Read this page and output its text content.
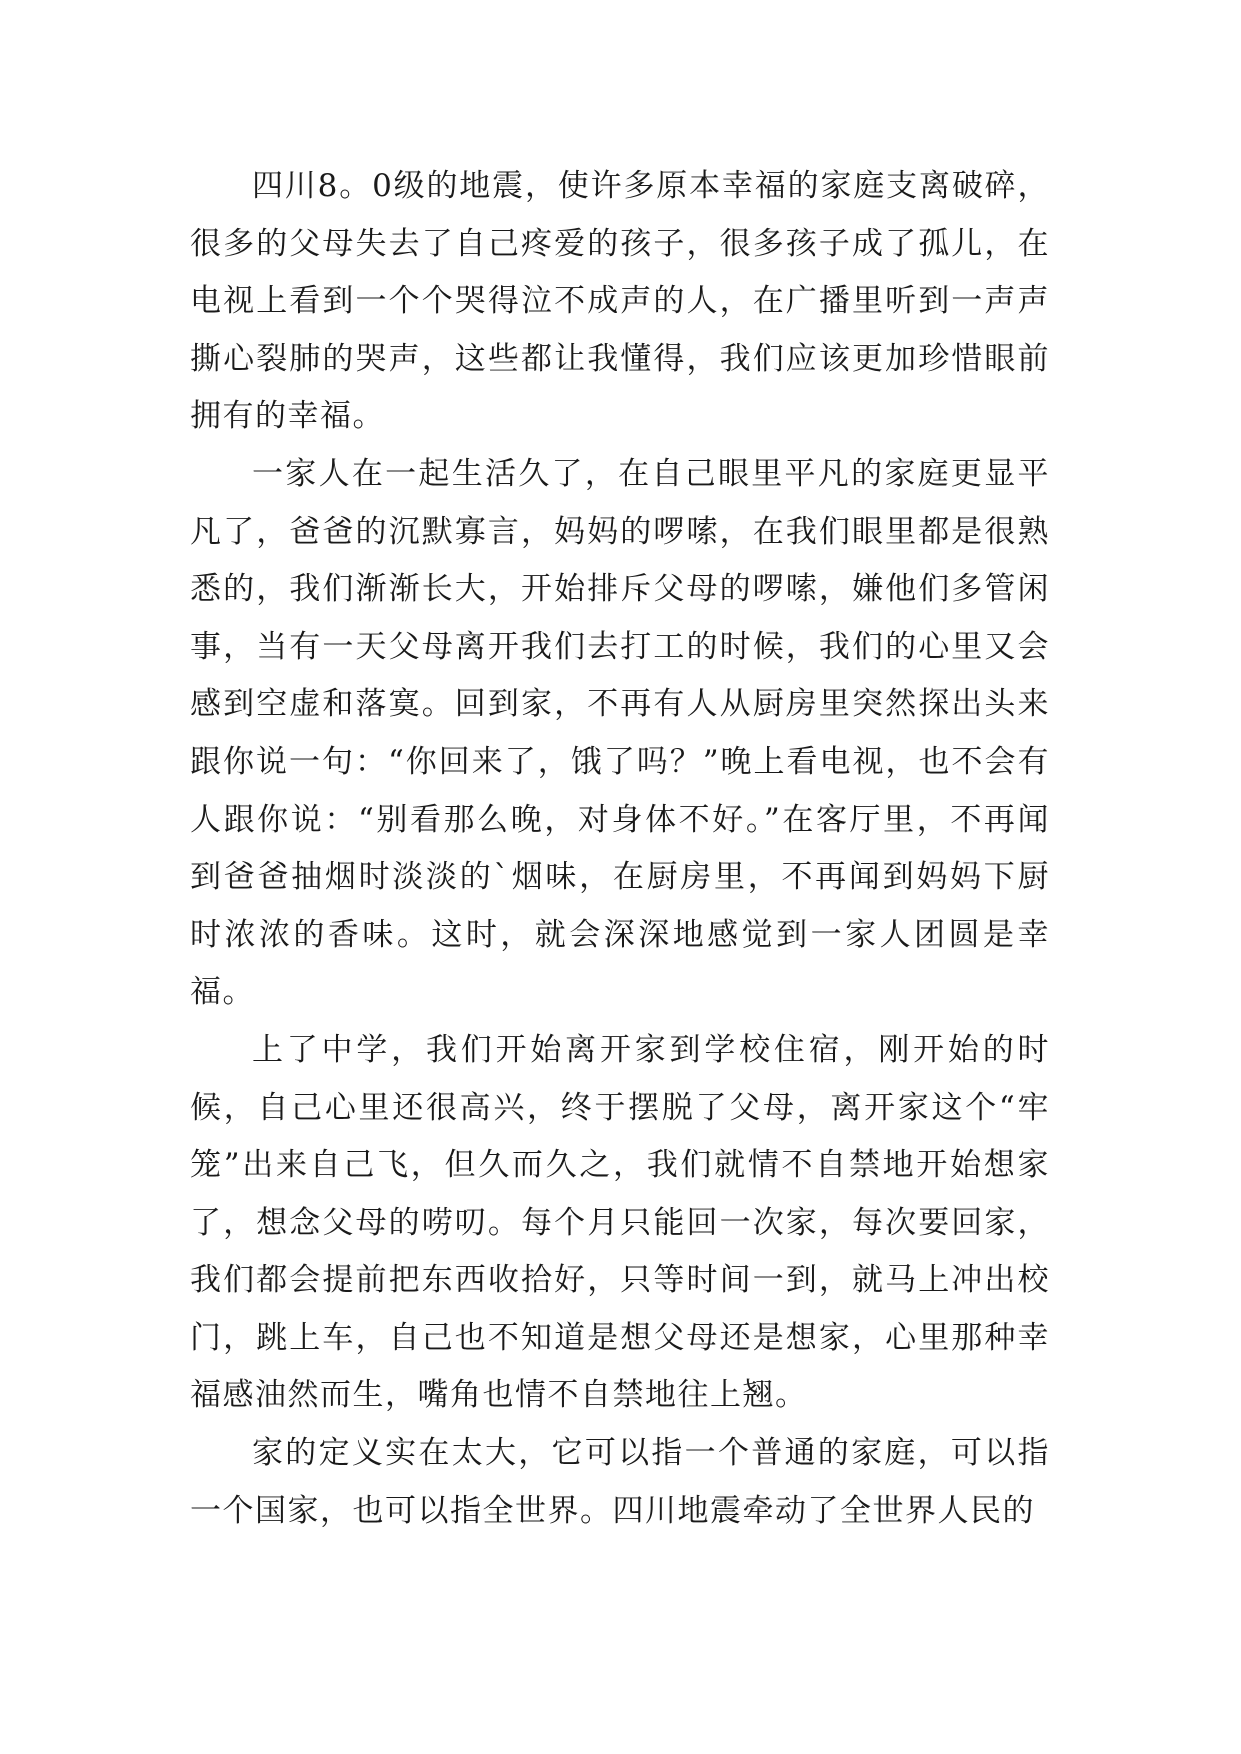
四川8。0级的地震，使许多原本幸福的家庭支离破碎，很多的父母失去了自己疼爱的孩子，很多孩子成了孤儿，在电视上看到一个个哭得泣不成声的人，在广播里听到一声声撕心裂肺的哭声，这些都让我懂得，我们应该更加珍惜眼前拥有的幸福。

一家人在一起生活久了，在自己眼里平凡的家庭更显平凡了，爸爸的沉默寡言，妈妈的啰嗦，在我们眼里都是很熟悉的，我们渐渐长大，开始排斥父母的啰嗦，嫌他们多管闲事，当有一天父母离开我们去打工的时候，我们的心里又会感到空虚和落寞。回到家，不再有人从厨房里突然探出头来跟你说一句：“你回来了，饿了吗？”晚上看电视，也不会有人跟你说：“别看那么晚，对身体不好。”在客厅里，不再闻到爸爸抽烟时淡淡的`烟味，在厨房里，不再闻到妈妈下厨时浓浓的香味。这时，就会深深地感觉到一家人团圆是幸福。

上了中学，我们开始离开家到学校住宿，刚开始的时候，自己心里还很高兴，终于摆脱了父母，离开家这个“牢笼”出来自己飞，但久而久之，我们就情不自禁地开始想家了，想念父母的唠叨。每个月只能回一次家，每次要回家，我们都会提前把东西收拾好，只等时间一到，就马上冲出校门，跳上车，自己也不知道是想父母还是想家，心里那种幸福感油然而生，嘴角也情不自禁地往上翘。

家的定义实在太大，它可以指一个普通的家庭，可以指一个国家，也可以指全世界。四川地震牵动了全世界人民的
